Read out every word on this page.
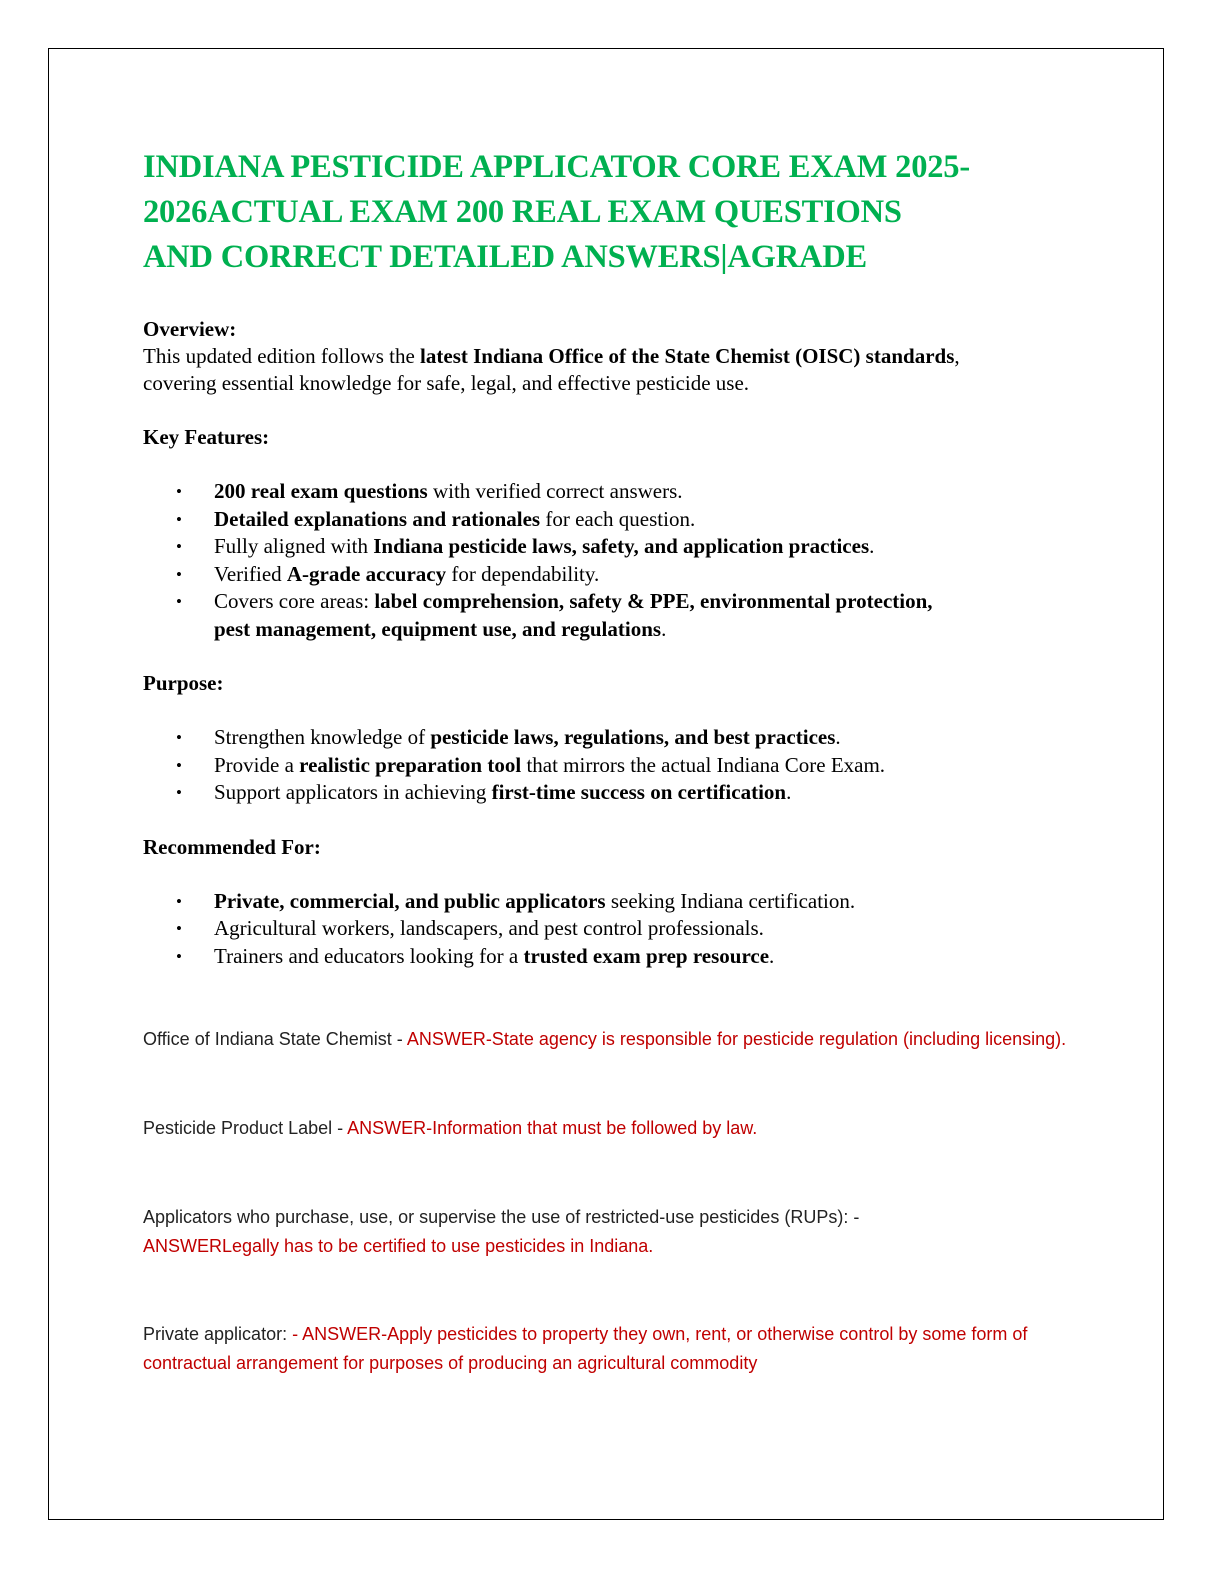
INDIANA PESTICIDE APPLICATOR CORE EXAM 2025-
2026ACTUAL EXAM 200 REAL EXAM QUESTIONS
AND CORRECT DETAILED ANSWERS|AGRADE

Overview:

This updated edition follows the latest Indiana Office of the State Chemist (OISC) standards,

covering essential knowledge for safe, legal, and effective pesticide use.

Key Features:

• 200 real exam questions with verified correct answers.
• Detailed explanations and rationales for each question.
• Fully aligned with Indiana pesticide laws, safety, and application practices.
• Verified A-grade accuracy for dependability.
• Covers core areas: label comprehension, safety & PPE, environmental protection,
pest management, equipment use, and regulations.

Purpose:

• Strengthen knowledge of pesticide laws, regulations, and best practices.
• Provide a realistic preparation tool that mirrors the actual Indiana Core Exam.
• Support applicators in achieving first-time success on certification.

Recommended For:

• Private, commercial, and public applicators seeking Indiana certification.
• Agricultural workers, landscapers, and pest control professionals.
• Trainers and educators looking for a trusted exam prep resource.
Office of Indiana State Chemist - ANSWER-State agency is responsible for pesticide regulation (including licensing).
Pesticide Product Label - ANSWER-Information that must be followed by law.
Applicators who purchase, use, or supervise the use of restricted-use pesticides (RUPs): -
ANSWERLegally has to be certified to use pesticides in Indiana.
Private applicator: - ANSWER-Apply pesticides to property they own, rent, or otherwise control by some form of contractual arrangement for purposes of producing an agricultural commodity
